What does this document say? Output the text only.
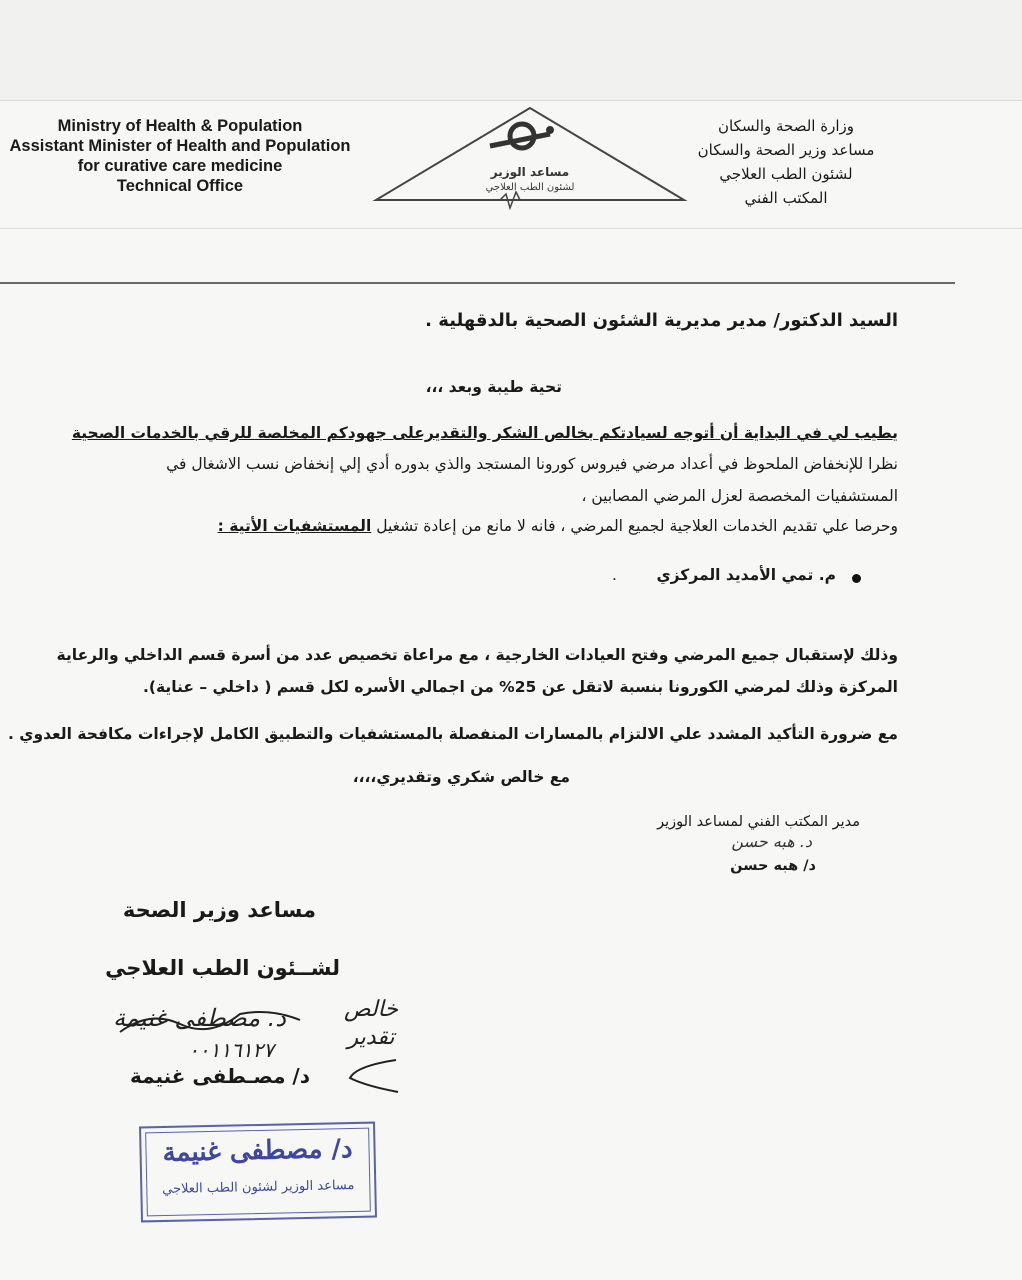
Ministry of Health & Population
Assistant Minister of Health and Population
for curative care medicine
Technical Office
مساعد الوزير
لشئون الطب العلاجي
وزارة الصحة والسكان
مساعد وزير الصحة والسكان
لشئون الطب العلاجي
المكتب الفني
السيد الدكتور/ مدير مديرية الشئون الصحية بالدقهلية .
تحية طيبة وبعد ،،،
يطيب لي في البداية أن أتوجه لسيادتكم بخالص الشكر والتقديرعلى جهودكم المخلصة للرقي بالخدمات الصحية
نظرا للإنخفاض الملحوظ في أعداد مرضي فيروس كورونا المستجد والذي بدوره أدي إلي إنخفاض نسب الاشغال في
المستشفيات المخصصة لعزل المرضي المصابين ،
وحرصا علي تقديم الخدمات العلاجية لجميع المرضي ، فانه لا مانع من إعادة تشغيل المستشفيات الأتية :
م. تمي الأمديد المركزي
.
وذلك لإستقبال جميع المرضي وفتح العيادات الخارجية ، مع مراعاة تخصيص عدد من أسرة قسم الداخلي والرعاية
المركزة وذلك لمرضي الكورونا بنسبة لاتقل عن 25% من اجمالي الأسره لكل قسم ( داخلي – عناية).
مع ضرورة التأكيد المشدد علي الالتزام بالمسارات المنفصلة بالمستشفيات والتطبيق الكامل لإجراءات مكافحة العدوي .
مع خالص شكري وتقديري،،،،
مدير المكتب الفني لمساعد الوزير
د. هبه حسن
د/ هبه حسن
مساعد وزير الصحة
لشــئون الطب العلاجي
د. مصطفى غنيمة
٠٠١١٦١٢٧
د/ مصـطفى غنيمة
خالص تقدير
د/ مصطفى غنيمة
مساعد الوزير لشئون الطب العلاجي
